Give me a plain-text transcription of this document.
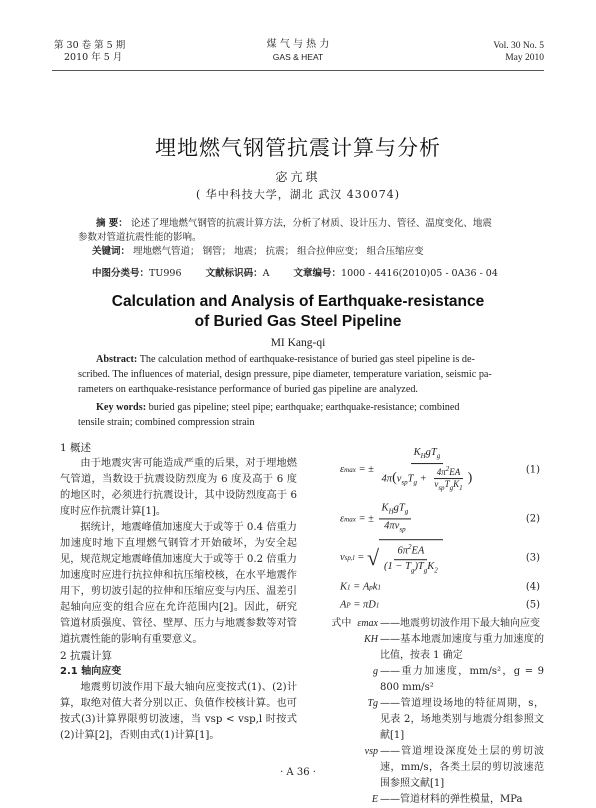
第 30 卷 第 5 期
2010 年 5 月
煤 气 与 热 力
GAS & HEAT
Vol. 30 No. 5
May 2010
埋地燃气钢管抗震计算与分析
宓亢琪
( 华中科技大学，湖北 武汉 430074)
摘 要： 论述了埋地燃气钢管的抗震计算方法，分析了材质、设计压力、管径、温度变化、地震
参数对管道抗震性能的影响。
关键词： 埋地燃气管道； 钢管； 地震； 抗震； 组合拉伸应变； 组合压缩应变
中图分类号：TU996	文献标识码：A	文章编号：1000 - 4416(2010)05 - 0A36 - 04
Calculation and Analysis of Earthquake-resistance
of Buried Gas Steel Pipeline
MI Kang-qi
Abstract: The calculation method of earthquake-resistance of buried gas steel pipeline is de-
scribed. The influences of material, design pressure, pipe diameter, temperature variation, seismic pa-
rameters on earthquake-resistance performance of buried gas pipeline are analyzed.
Key words: buried gas pipeline; steel pipe; earthquake; earthquake-resistance; combined
tensile strain; combined compression strain
1 概述

由于地震灾害可能造成严重的后果，对于埋地燃气管道，当数设于抗震设防烈度为 6 度及高于 6 度的地区时，必须进行抗震设计，其中设防烈度高于 6 度时应作抗震计算[1]。

据统计，地震峰值加速度大于或等于 0.4 倍重力加速度时地下直埋燃气钢管才开始破坏，为安全起见，规范规定地震峰值加速度大于或等于 0.2 倍重力加速度时应进行抗拉伸和抗压缩校核，在水平地震作用下，剪切波引起的拉伸和压缩应变与内压、温差引起轴向应变的组合应在允许范围内[2]。因此，研究管道材质强度、管径、壁厚、压力与地震参数等对管道抗震性能的影响有重要意义。

2 抗震计算
2.1 轴向应变

地震剪切波作用下最大轴向应变按式(1)、(2)计算，取绝对值大者分别以正、负值作校核计算。也可按式(3)计算界限剪切波速，当 vsp < vsp,l 时按式(2)计算[2]，否则由式(1)计算[1]。

ε max = ± $\frac{K_HgT_g}{4\pi(v_{sp}T_g + \frac{4\pi^2EA}{v_{sp}T_gK_1} )}$	(1)
ε max = ± $\frac{K_HgT_g}{4\pi v_{sp}}$	(2)
v sp,l = √ $\frac{6\pi^2EA}{(1 - T_g)T_gK_2}$	(3)
K 1 = A p k 1	(4)
A P = πD 1	(5)
式中 εmax ——地震剪切波作用下最大轴向应变
KH ——基本地震加速度与重力加速度的比值，按表 1 确定
g ——重力加速度，mm/s²，g = 9 800 mm/s²
Tg ——管道埋设场地的特征周期，s，见表 2，场地类别与地震分组参照文献[1]
vsp ——管道埋设深度处土层的剪切波速，mm/s，各类土层的剪切波速范围参照文献[1]
E ——管道材料的弹性模量，MPa
· A 36 ·
